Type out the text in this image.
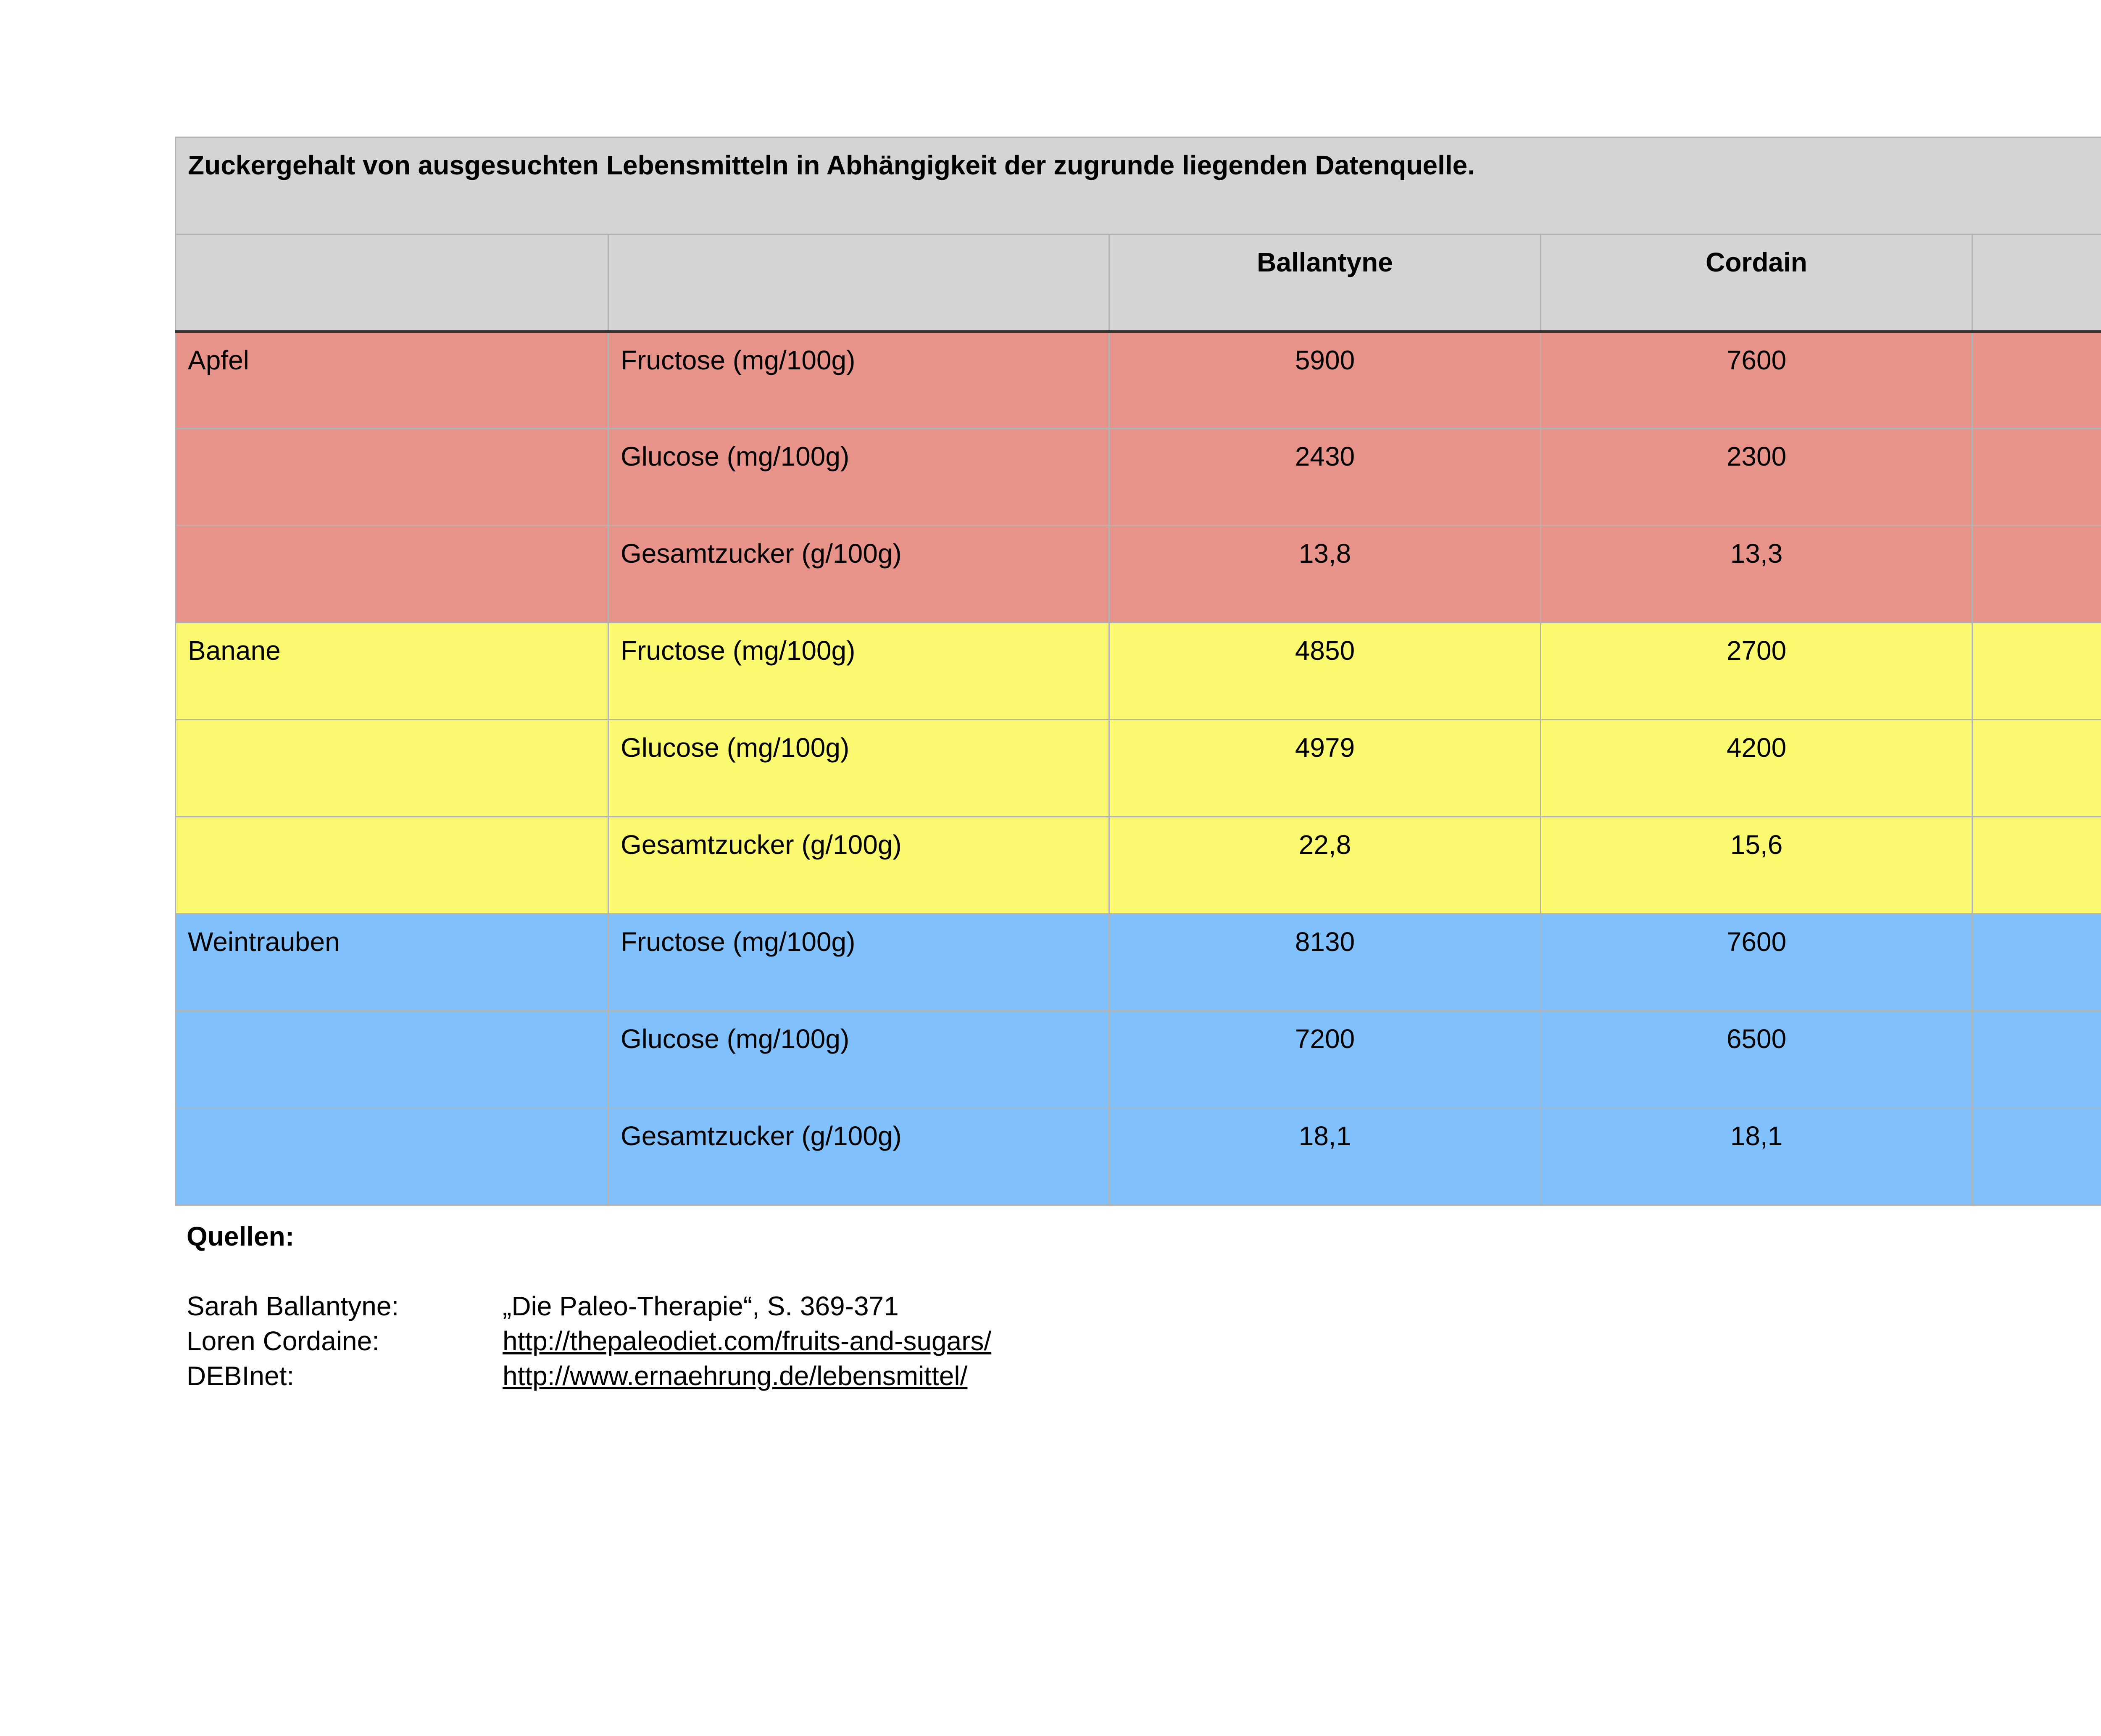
Zuckergehalt von ausgesuchten Lebensmitteln in Abhängigkeit der zugrunde liegenden Datenquelle.				
		Ballantyne	Cordain	
Apfel	Fructose (mg/100g)	5900	7600	
	Glucose (mg/100g)	2430	2300	
	Gesamtzucker (g/100g)	13,8	13,3	
Banane	Fructose (mg/100g)	4850	2700	
	Glucose (mg/100g)	4979	4200	
	Gesamtzucker (g/100g)	22,8	15,6	
Weintrauben	Fructose (mg/100g)	8130	7600	
	Glucose (mg/100g)	7200	6500	
	Gesamtzucker (g/100g)	18,1	18,1	
Quellen:
Sarah Ballantyne:	„Die Paleo-Therapie“, S. 369-371
Loren Cordaine:	http://thepaleodiet.com/fruits-and-sugars/
DEBInet:	http://www.ernaehrung.de/lebensmittel/
